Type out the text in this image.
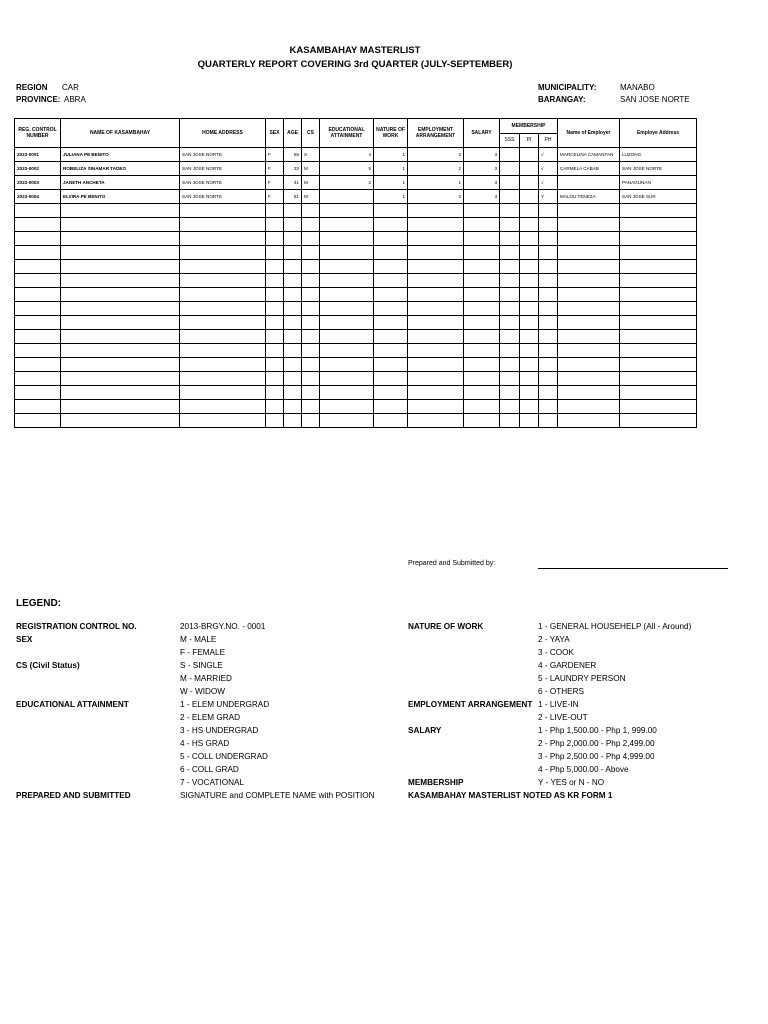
KASAMBAHAY MASTERLIST
QUARTERLY REPORT COVERING 3rd QUARTER (JULY-SEPTEMBER)
REGION CAR
PROVINCE: ABRA
MUNICIPALITY:	MANABO
BARANGAY:	SAN JOSE NORTE
REG. CONTROL NUMBER	NAME OF KASAMBAHAY	HOME ADDRESS	SEX	AGE	CS	EDUCATIONAL ATTAINMENT	NATURE OF WORK	EMPLOYMENT ARRANGEMENT	SALARY	MEMBERSHIP			Name of Employer	Employe Address
										SSS	PI	PH		
2023-0001	JULIANA PE BENITO	SAN JOSE NORTE	F	55	S	4	1	2	3			√	MARCELINA CAMANTAN	LUZONG
2023-0002	ROBELIZA SINAMAR TADEO	SAN JOSE NORTE	F	33	M	5	1	2	3			√	CARMELA CABAB	SAN JOSE NORTE
2023-0003	JANETH ANCHETA	SAN JOSE NORTE	F	41	M	2	1	1	3			√		PANAGUNAN
2023-0004	ELVIRA PE BENITO	SAN JOSE NORTE	F	51	M		1	2	3			Y	MALOU TENEZA	SAN JOSE SUR

Prepared and Submitted by:
LEGEND:
REGISTRATION CONTROL NO.	2013-BRGY.NO. - 0001
SEX	M - MALE
F - FEMALE
CS (Civil Status)	S - SINGLE
M - MARRIED
W - WIDOW
EDUCATIONAL ATTAINMENT	1 - ELEM UNDERGRAD
2 - ELEM GRAD
3 - HS UNDERGRAD
4 - HS GRAD
5 - COLL UNDERGRAD
6 - COLL GRAD
7 - VOCATIONAL
PREPARED AND SUBMITTED	SIGNATURE and COMPLETE NAME with POSITION
NATURE OF WORK	1 - GENERAL HOUSEHELP (All - Around)
2 - YAYA
3 - COOK
4 - GARDENER
5 - LAUNDRY PERSON
6 - OTHERS
EMPLOYMENT ARRANGEMENT 1 - LIVE-IN
2 - LIVE-OUT
SALARY	1 - Php 1,500.00 - Php 1, 999.00
2 - Php 2,000.00 - Php 2,499.00
3 - Php 2,500.00 - Php 4,999.00
4 - Php 5,000.00 - Above
MEMBERSHIP	Y - YES or N - NO
KASAMBAHAY MASTERLIST NOTED AS KR FORM 1
